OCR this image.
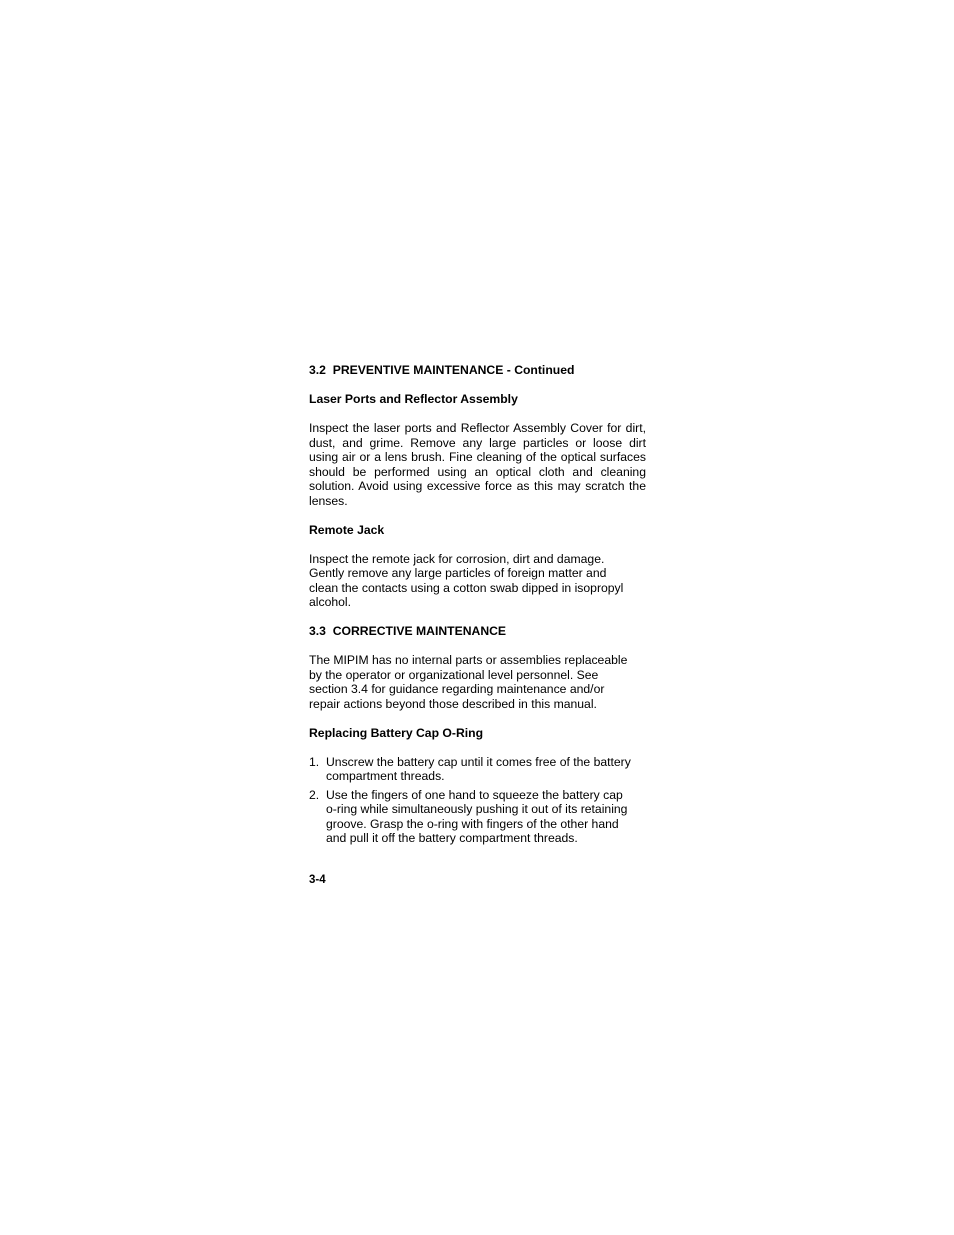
3.2  PREVENTIVE MAINTENANCE - Continued
Laser Ports and Reflector Assembly

Inspect the laser ports and Reflector Assembly Cover for dirt, dust, and grime. Remove any large particles or loose dirt using air or a lens brush. Fine cleaning of the optical surfaces should be performed using an optical cloth and cleaning solution. Avoid using excessive force as this may scratch the lenses.

Remote Jack
Inspect the remote jack for corrosion, dirt and damage.
Gently remove any large particles of foreign matter and
clean the contacts using a cotton swab dipped in isopropyl
alcohol.
3.3  CORRECTIVE MAINTENANCE
The MIPIM has no internal parts or assemblies replaceable
by the operator or organizational level personnel. See
section 3.4 for guidance regarding maintenance and/or
repair actions beyond those described in this manual.
Replacing Battery Cap O-Ring
1. Unscrew the battery cap until it comes free of the battery
compartment threads.
2. Use the fingers of one hand to squeeze the battery cap
o-ring while simultaneously pushing it out of its retaining
groove. Grasp the o-ring with fingers of the other hand
and pull it off the battery compartment threads.
3-4
